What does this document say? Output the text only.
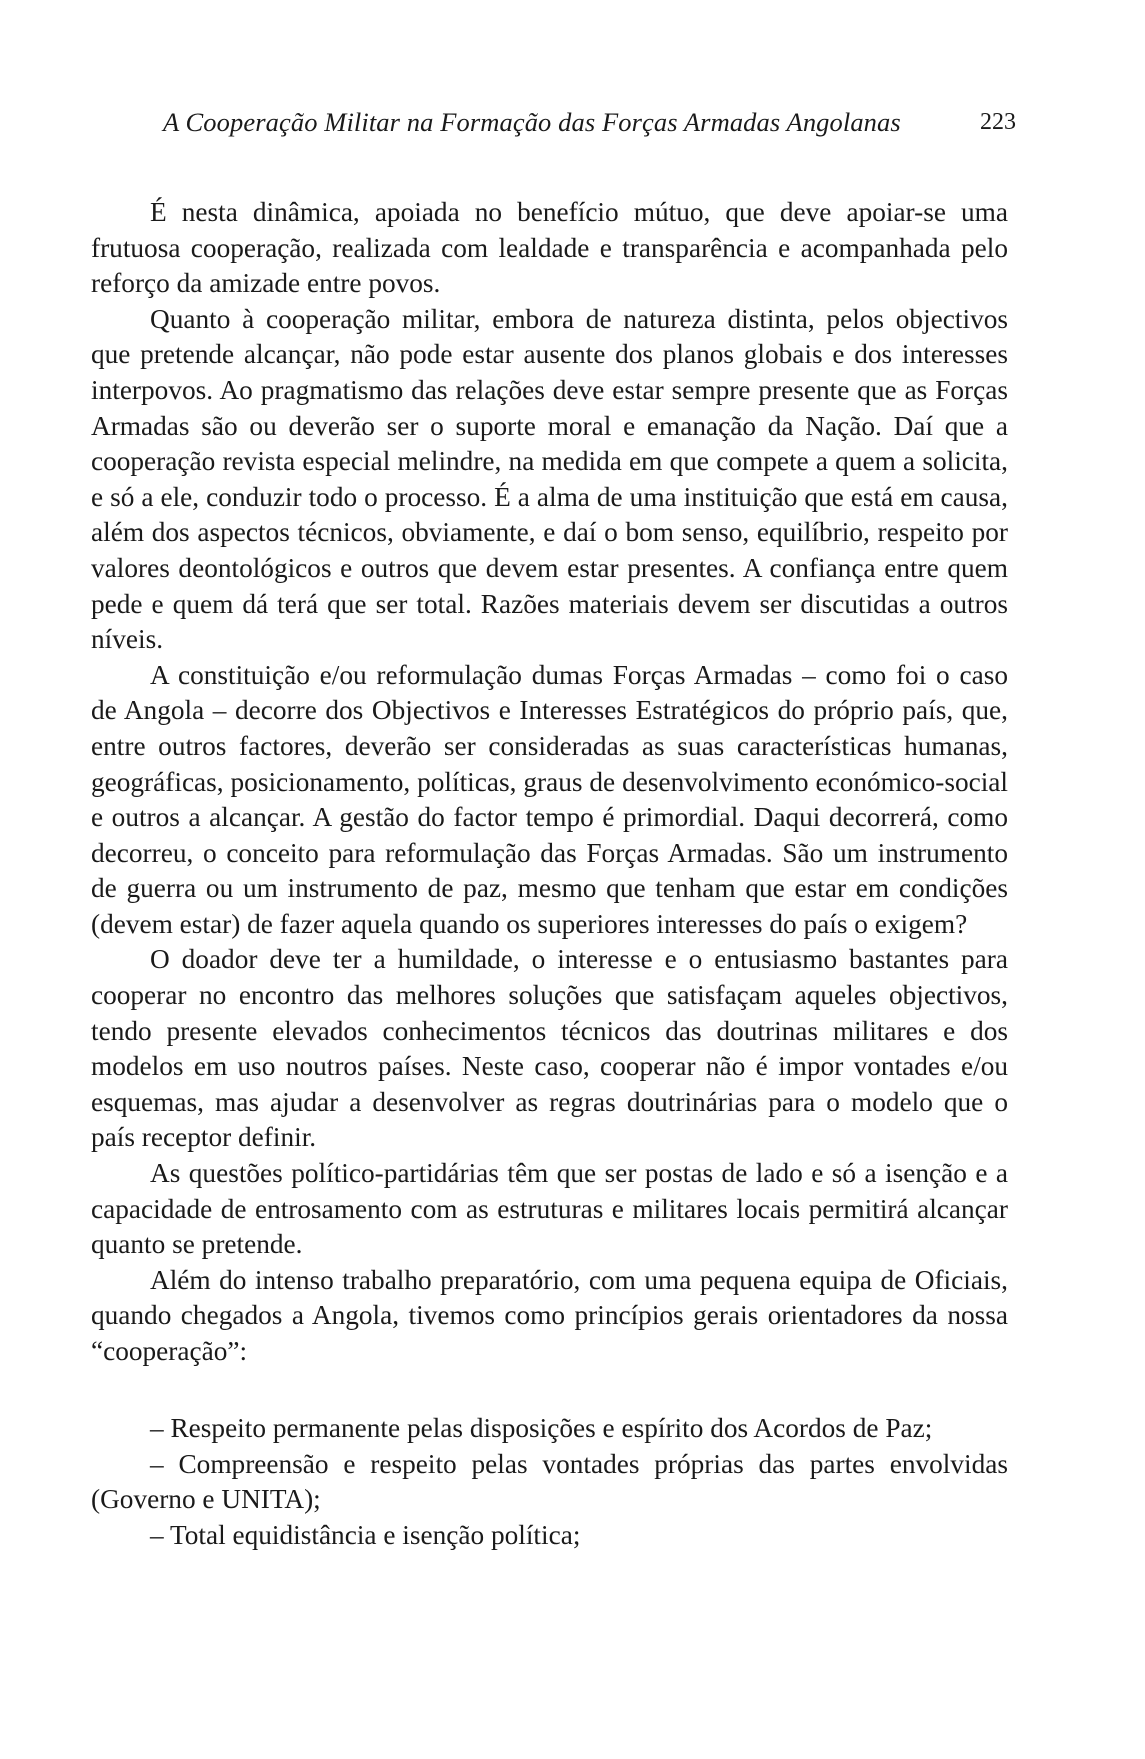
A Cooperação Militar na Formação das Forças Armadas Angolanas	223

É nesta dinâmica, apoiada no benefício mútuo, que deve apoiar-se uma frutuosa cooperação, realizada com lealdade e transparência e acompanhada pelo reforço da amizade entre povos.

Quanto à cooperação militar, embora de natureza distinta, pelos objectivos que pretende alcançar, não pode estar ausente dos planos globais e dos interesses interpovos. Ao pragmatismo das relações deve estar sempre presente que as Forças Armadas são ou deverão ser o suporte moral e emanação da Nação. Daí que a cooperação revista especial melindre, na medida em que compete a quem a solicita, e só a ele, conduzir todo o processo. É a alma de uma instituição que está em causa, além dos aspectos técnicos, obviamente, e daí o bom senso, equilíbrio, respeito por valores deontológicos e outros que devem estar presentes. A confiança entre quem pede e quem dá terá que ser total. Razões materiais devem ser discutidas a outros níveis.

A constituição e/ou reformulação dumas Forças Armadas – como foi o caso de Angola – decorre dos Objectivos e Interesses Estratégicos do próprio país, que, entre outros factores, deverão ser consideradas as suas características humanas, geográficas, posicionamento, políticas, graus de desenvolvimento económico-social e outros a alcançar. A gestão do factor tempo é primordial. Daqui decorrerá, como decorreu, o conceito para reformulação das Forças Armadas. São um instrumento de guerra ou um instrumento de paz, mesmo que tenham que estar em condições (devem estar) de fazer aquela quando os superiores interesses do país o exigem?

O doador deve ter a humildade, o interesse e o entusiasmo bastantes para cooperar no encontro das melhores soluções que satisfaçam aqueles objectivos, tendo presente elevados conhecimentos técnicos das doutrinas militares e dos modelos em uso noutros países. Neste caso, cooperar não é impor vontades e/ou esquemas, mas ajudar a desenvolver as regras doutrinárias para o modelo que o país receptor definir.

As questões político-partidárias têm que ser postas de lado e só a isenção e a capacidade de entrosamento com as estruturas e militares locais permitirá alcançar quanto se pretende.

Além do intenso trabalho preparatório, com uma pequena equipa de Oficiais, quando chegados a Angola, tivemos como princípios gerais orientadores da nossa “cooperação”:

– Respeito permanente pelas disposições e espírito dos Acordos de Paz;

– Compreensão e respeito pelas vontades próprias das partes envolvidas (Governo e UNITA);

– Total equidistância e isenção política;
